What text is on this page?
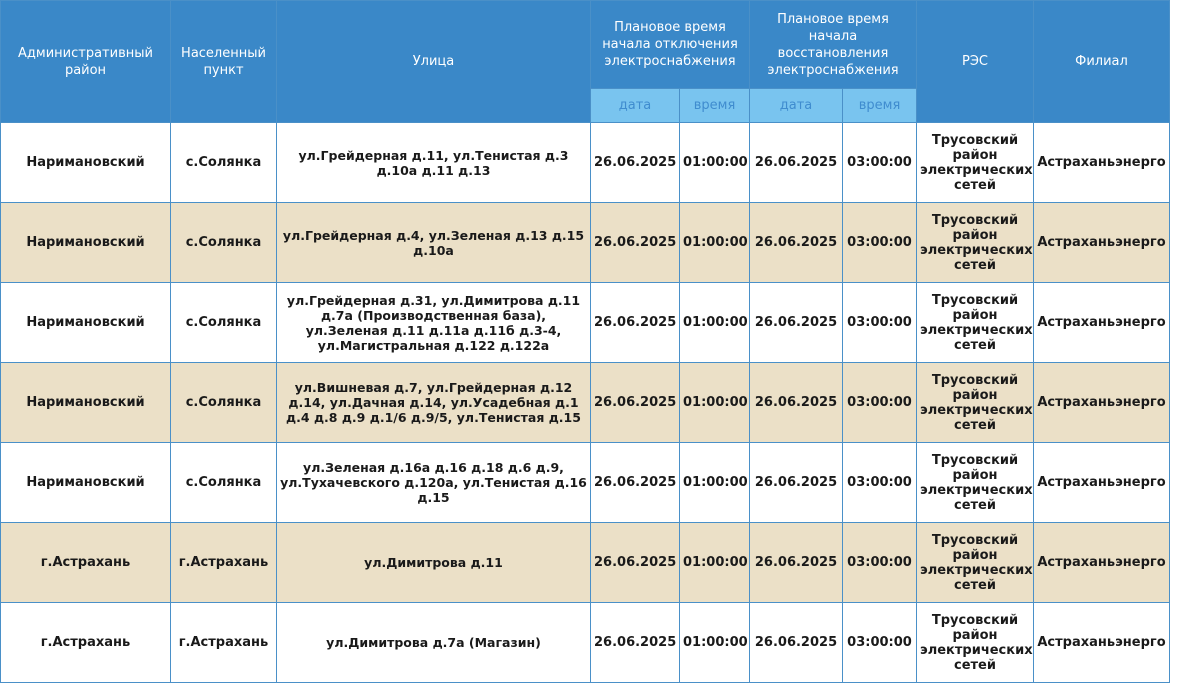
Административный район	Населенный пункт	Улица	Плановое время начала отключения электроснабжения		Плановое время начала восстановления электроснабжения		РЭС	Филиал
			дата	время	дата	время		
Наримановский	с.Солянка	ул.Грейдерная д.11, ул.Тенистая д.3 д.10а д.11 д.13	26.06.2025	01:00:00	26.06.2025	03:00:00	Трусовский район электрических сетей	Астраханьэнерго
Наримановский	с.Солянка	ул.Грейдерная д.4, ул.Зеленая д.13 д.15 д.10а	26.06.2025	01:00:00	26.06.2025	03:00:00	Трусовский район электрических сетей	Астраханьэнерго
Наримановский	с.Солянка	ул.Грейдерная д.31, ул.Димитрова д.11 д.7а (Производственная база), ул.Зеленая д.11 д.11а д.11б д.3-4, ул.Магистральная д.122 д.122а	26.06.2025	01:00:00	26.06.2025	03:00:00	Трусовский район электрических сетей	Астраханьэнерго
Наримановский	с.Солянка	ул.Вишневая д.7, ул.Грейдерная д.12 д.14, ул.Дачная д.14, ул.Усадебная д.1 д.4 д.8 д.9 д.1/6 д.9/5, ул.Тенистая д.15	26.06.2025	01:00:00	26.06.2025	03:00:00	Трусовский район электрических сетей	Астраханьэнерго
Наримановский	с.Солянка	ул.Зеленая д.16а д.16 д.18 д.6 д.9, ул.Тухачевского д.120а, ул.Тенистая д.16 д.15	26.06.2025	01:00:00	26.06.2025	03:00:00	Трусовский район электрических сетей	Астраханьэнерго
г.Астрахань	г.Астрахань	ул.Димитрова д.11	26.06.2025	01:00:00	26.06.2025	03:00:00	Трусовский район электрических сетей	Астраханьэнерго
г.Астрахань	г.Астрахань	ул.Димитрова д.7а (Магазин)	26.06.2025	01:00:00	26.06.2025	03:00:00	Трусовский район электрических сетей	Астраханьэнерго
